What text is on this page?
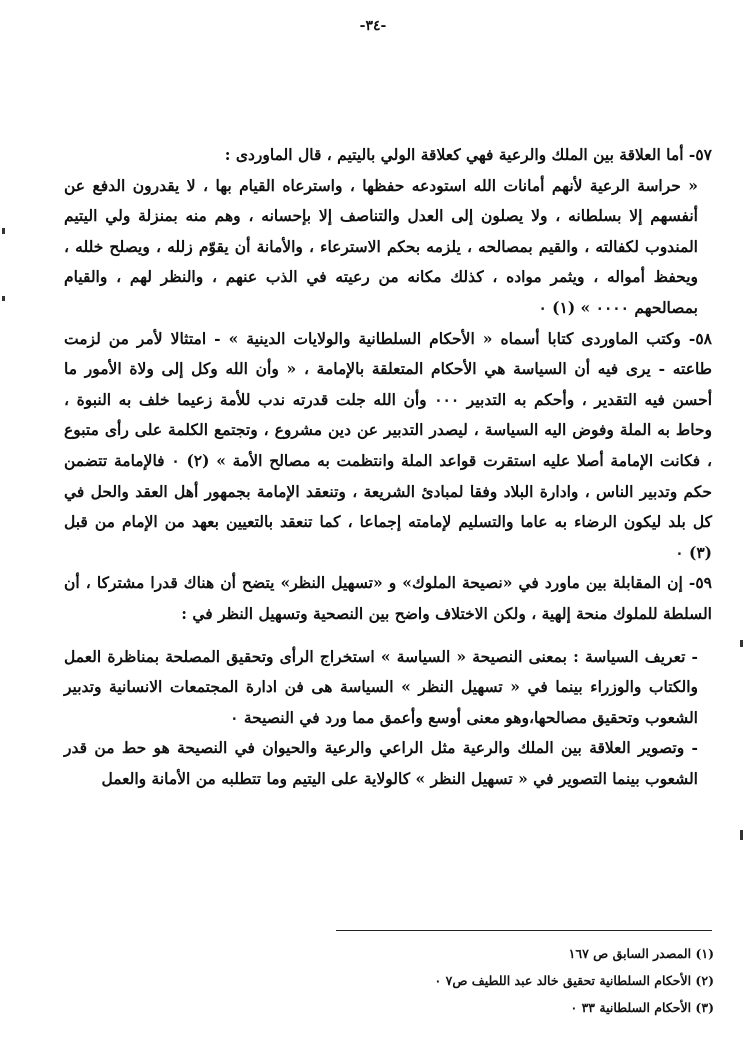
-٣٤-

٥٧- أما العلاقة بين الملك والرعية فهي كعلاقة الولي باليتيم ، قال الماوردى :

« حراسة الرعية لأنهم أمانات الله استودعه حفظها ، واسترعاه القيام بها ، لا يقدرون الدفع عن أنفسهم إلا بسلطانه ، ولا يصلون إلى العدل والتناصف إلا بإحسانه ، وهم منه بمنزلة ولي اليتيم المندوب لكفالته ، والقيم بمصالحه ، يلزمه بحكم الاسترعاء ، والأمانة أن يقوّم زلله ، ويصلح خلله ، ويحفظ أمواله ، ويثمر مواده ، كذلك مكانه من رعيته في الذب عنهم ، والنظر لهم ، والقيام بمصالحهم ٠٠٠٠ » (١) ٠

٥٨- وكتب الماوردى كتابا أسماه « الأحكام السلطانية والولايات الدينية » - امتثالا لأمر من لزمت طاعته - يرى فيه أن السياسة هي الأحكام المتعلقة بالإمامة ، « وأن الله وكل إلى ولاة الأمور ما أحسن فيه التقدير ، وأحكم به التدبير ٠٠٠ وأن الله جلت قدرته ندب للأمة زعيما خلف به النبوة ، وحاط به الملة وفوض اليه السياسة ، ليصدر التدبير عن دين مشروع ، وتجتمع الكلمة على رأى متبوع ، فكانت الإمامة أصلا عليه استقرت قواعد الملة وانتظمت به مصالح الأمة » (٢) ٠ فالإمامة تتضمن حكم وتدبير الناس ، وادارة البلاد وفقا لمبادئ الشريعة ، وتنعقد الإمامة بجمهور أهل العقد والحل في كل بلد ليكون الرضاء به عاما والتسليم لإمامته إجماعا ، كما تنعقد بالتعيين بعهد من الإمام من قبل (٣) ٠

٥٩- إن المقابلة بين ماورد في «نصيحة الملوك» و «تسهيل النظر» يتضح أن هناك قدرا مشتركا ، أن السلطة للملوك منحة إلهية ، ولكن الاختلاف واضح بين النصحية وتسهيل النظر في :

- تعريف السياسة : بمعنى النصيحة « السياسة » استخراج الرأى وتحقيق المصلحة بمناظرة العمل والكتاب والوزراء بينما في « تسهيل النظر » السياسة هى فن ادارة المجتمعات الانسانية وتدبير الشعوب وتحقيق مصالحها،وهو معنى أوسع وأعمق مما ورد في النصيحة ٠

- وتصوير العلاقة بين الملك والرعية مثل الراعي والرعية والحيوان في النصيحة هو حط من قدر الشعوب بينما التصوير في « تسهيل النظر » كالولاية على اليتيم وما تتطلبه من الأمانة والعمل

(١) المصدر السابق ص ١٦٧

(٢) الأحكام السلطانية تحقيق خالد عبد اللطيف ص٧ ٠

(٣) الأحكام السلطانية ٣٣ ٠
